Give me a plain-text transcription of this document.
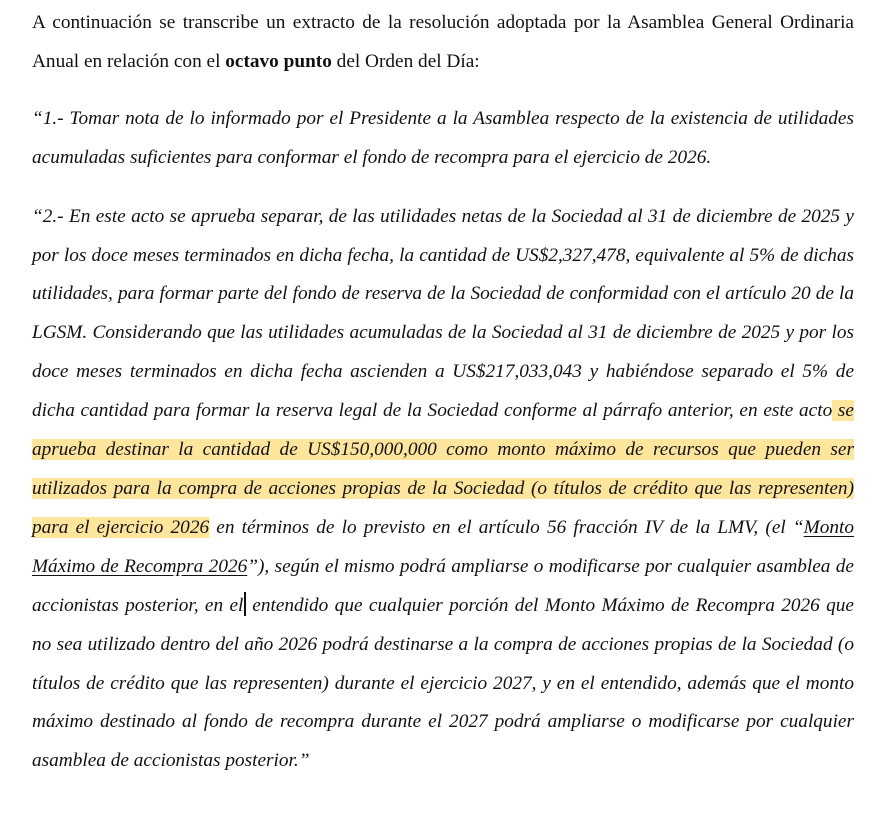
A continuación se transcribe un extracto de la resolución adoptada por la Asamblea General Ordinaria Anual en relación con el octavo punto del Orden del Día:

“1.- Tomar nota de lo informado por el Presidente a la Asamblea respecto de la existencia de utilidades acumuladas suficientes para conformar el fondo de recompra para el ejercicio de 2026.

“2.- En este acto se aprueba separar, de las utilidades netas de la Sociedad al 31 de diciembre de 2025 y por los doce meses terminados en dicha fecha, la cantidad de US$2,327,478, equivalente al 5% de dichas utilidades, para formar parte del fondo de reserva de la Sociedad de conformidad con el artículo 20 de la LGSM. Considerando que las utilidades acumuladas de la Sociedad al 31 de diciembre de 2025 y por los doce meses terminados en dicha fecha ascienden a US$217,033,043 y habiéndose separado el 5% de dicha cantidad para formar la reserva legal de la Sociedad conforme al párrafo anterior, en este acto se aprueba destinar la cantidad de US$150,000,000 como monto máximo de recursos que pueden ser utilizados para la compra de acciones propias de la Sociedad (o títulos de crédito que las representen) para el ejercicio 2026 en términos de lo previsto en el artículo 56 fracción IV de la LMV, (el “Monto Máximo de Recompra 2026”), según el mismo podrá ampliarse o modificarse por cualquier asamblea de accionistas posterior, en el entendido que cualquier porción del Monto Máximo de Recompra 2026 que no sea utilizado dentro del año 2026 podrá destinarse a la compra de acciones propias de la Sociedad (o títulos de crédito que las representen) durante el ejercicio 2027, y en el entendido, además que el monto máximo destinado al fondo de recompra durante el 2027 podrá ampliarse o modificarse por cualquier asamblea de accionistas posterior.”
